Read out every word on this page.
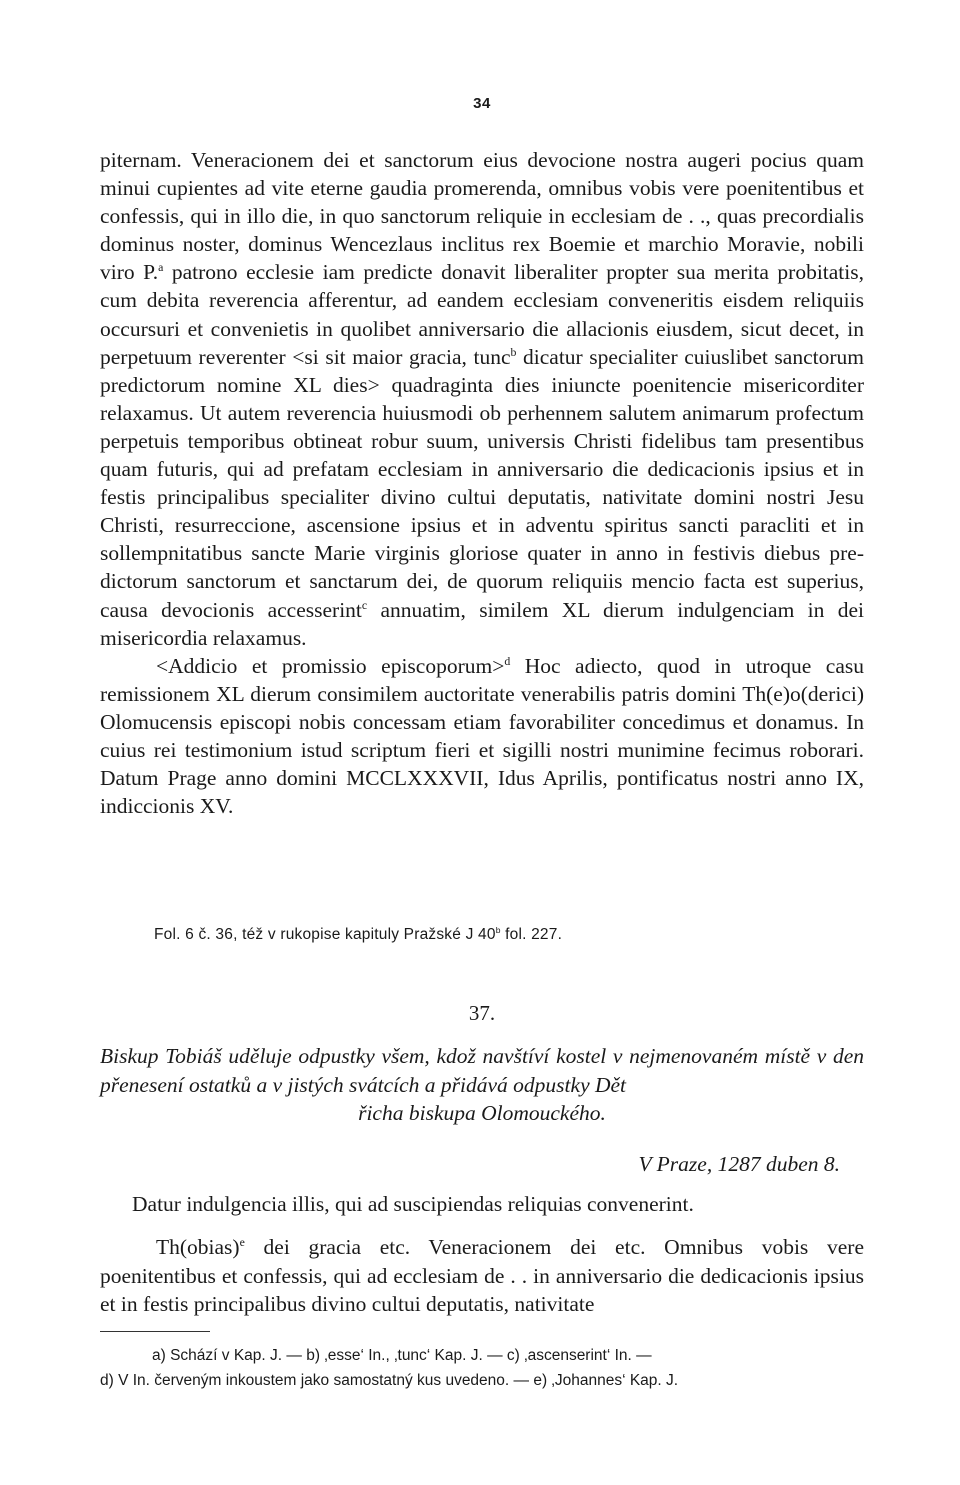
34

piternam. Veneracionem dei et sanctorum eius devocione nostra augeri pocius quam minui cupientes ad vite eterne gaudia promerenda, omnibus vobis vere poenitentibus et confessis, qui in illo die, in quo sanctorum reliquie in ecclesiam de . ., quas precordialis dominus noster, dominus Wencezlaus inclitus rex Boemie et marchio Moravie, nobili viro P.$^a$ patrono ecclesie iam predicte donavit liberaliter propter sua merita probitatis, cum debita reverencia afferentur, ad eandem ecclesiam conveneritis eisdem reliquiis occursuri et convenietis in quolibet anniversario die allacionis eiusdem, sicut decet, in perpetuum reverenter <si sit maior gracia, tunc$^b$ dicatur specialiter cuiuslibet sanctorum predictorum nomine XL dies> quadraginta dies iniuncte poenitencie misericorditer relaxamus. Ut autem reverencia huiusmodi ob perhennem salutem animarum profectum perpetuis temporibus obtineat robur suum, universis Christi fidelibus tam presentibus quam futuris, qui ad prefatam ecclesiam in anniversario die dedicacionis ipsius et in festis principalibus specialiter divino cultui deputatis, nativitate domini nostri Jesu Christi, resurreccione, ascensione ipsius et in adventu spiritus sancti paracliti et in sollempnitatibus sancte Marie virginis gloriose quater in anno in festivis diebus predictorum sanctorum et sanctarum dei, de quorum reliquiis mencio facta est superius, causa devocionis accesserint$^c$ annuatim, similem XL dierum indulgenciam in dei misericordia relaxamus.

<Addicio et promissio episcoporum>$^d$ Hoc adiecto, quod in utroque casu remissionem XL dierum consimilem auctoritate venerabilis patris domini Th(e)o(derici) Olomucensis episcopi nobis concessam etiam favorabiliter concedimus et donamus. In cuius rei testimonium istud scriptum fieri et sigilli nostri munimine fecimus roborari. Datum Prage anno domini MCCLXXXVII, Idus Aprilis, pontificatus nostri anno IX, indiccionis XV.

Fol. 6 č. 36, též v rukopise kapituly Pražské J 40$^b$ fol. 227.
37.
Biskup Tobiáš uděluje odpustky všem, kdož navštíví kostel v nejmenovaném místě v den přenesení ostatků a v jistých svátcích a přidává odpustky Dět
řicha biskupa Olomouckého.
V Praze, 1287 duben 8.
Datur indulgencia illis, qui ad suscipiendas reliquias convenerint.
Th(obias)$^e$ dei gracia etc. Veneracionem dei etc. Omnibus vobis vere poenitentibus et confessis, qui ad ecclesiam de . . in anniversario die dedicacionis ipsius et in festis principalibus divino cultui deputatis, nativitate
a) Schází v Kap. J. — b) ‚esse‘ In., ‚tunc‘ Kap. J. — c) ‚ascenserint‘ In. —
d) V In. červeným inkoustem jako samostatný kus uvedeno. — e) ‚Johannes‘ Kap. J.
